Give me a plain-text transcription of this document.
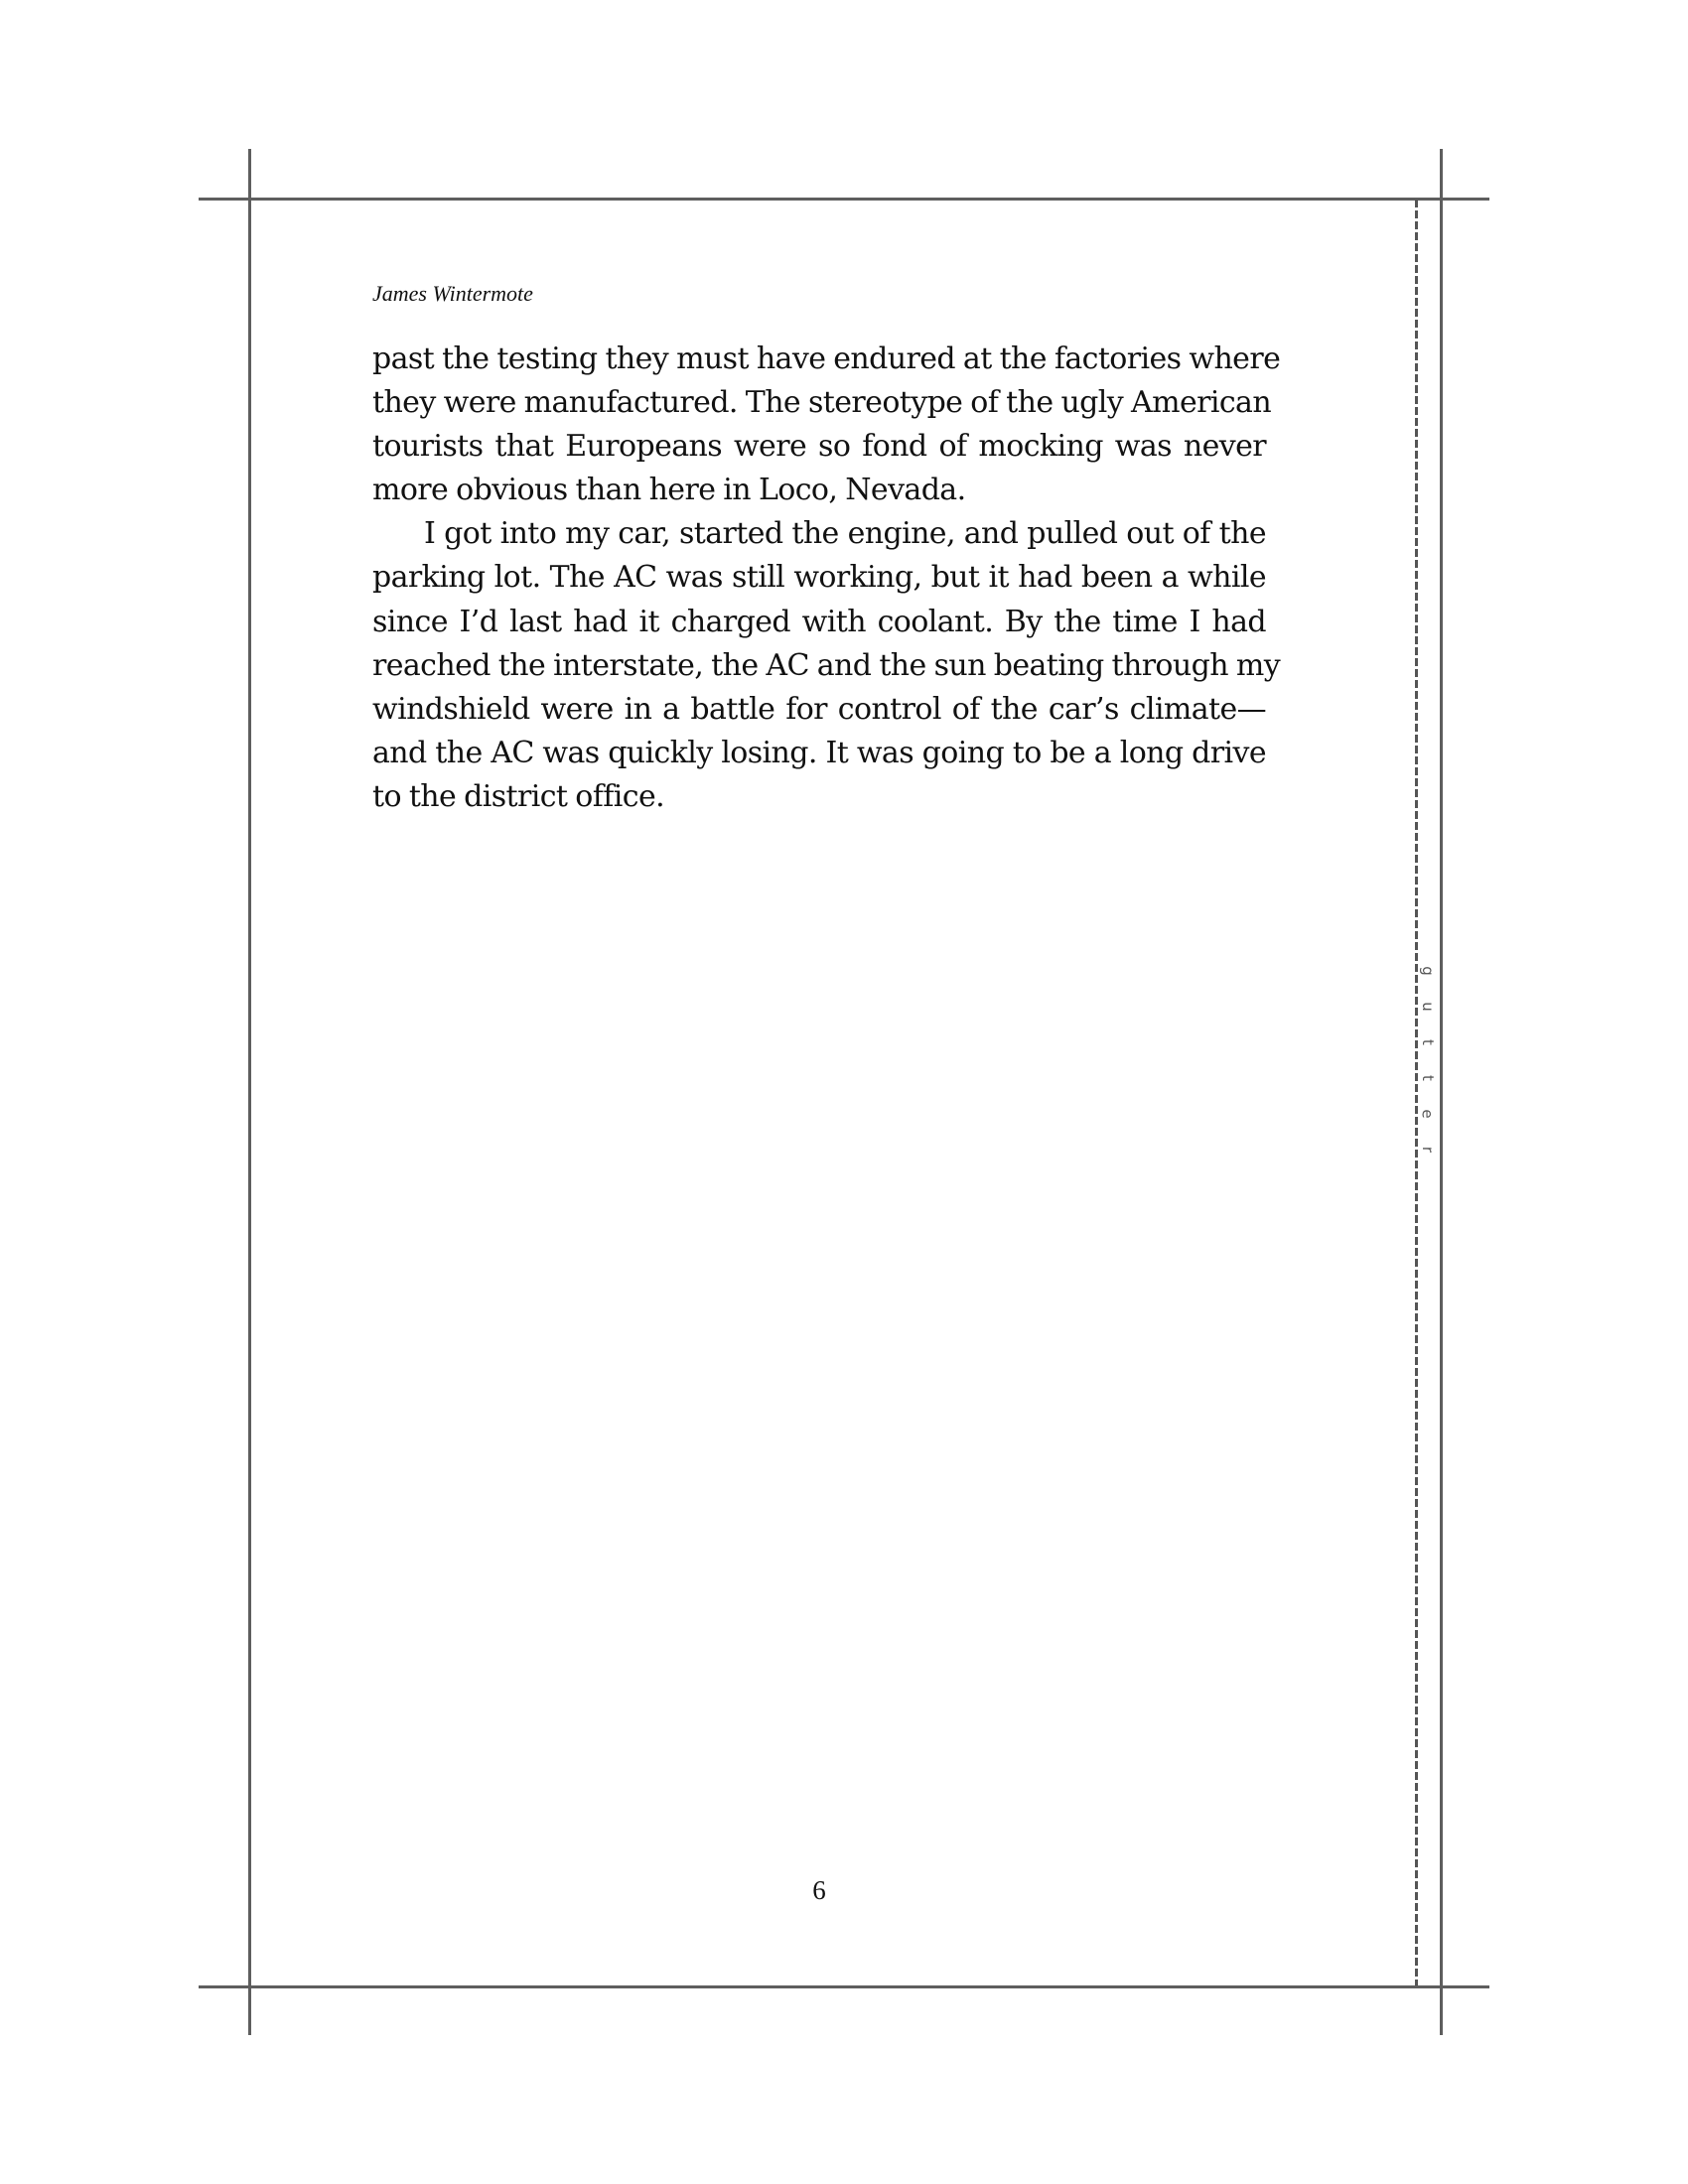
g
u
t
t
e
r
James Wintermote

past the testing they must have endured at the factories where
they were manufactured. The stereotype of the ugly American
tourists that Europeans were so fond of mocking was never
more obvious than here in Loco, Nevada.

I got into my car, started the engine, and pulled out of the
parking lot. The AC was still working, but it had been a while
since I’d last had it charged with coolant. By the time I had
reached the interstate, the AC and the sun beating through my
windshield were in a battle for control of the car’s climate—
and the AC was quickly losing. It was going to be a long drive
to the district office.

6
